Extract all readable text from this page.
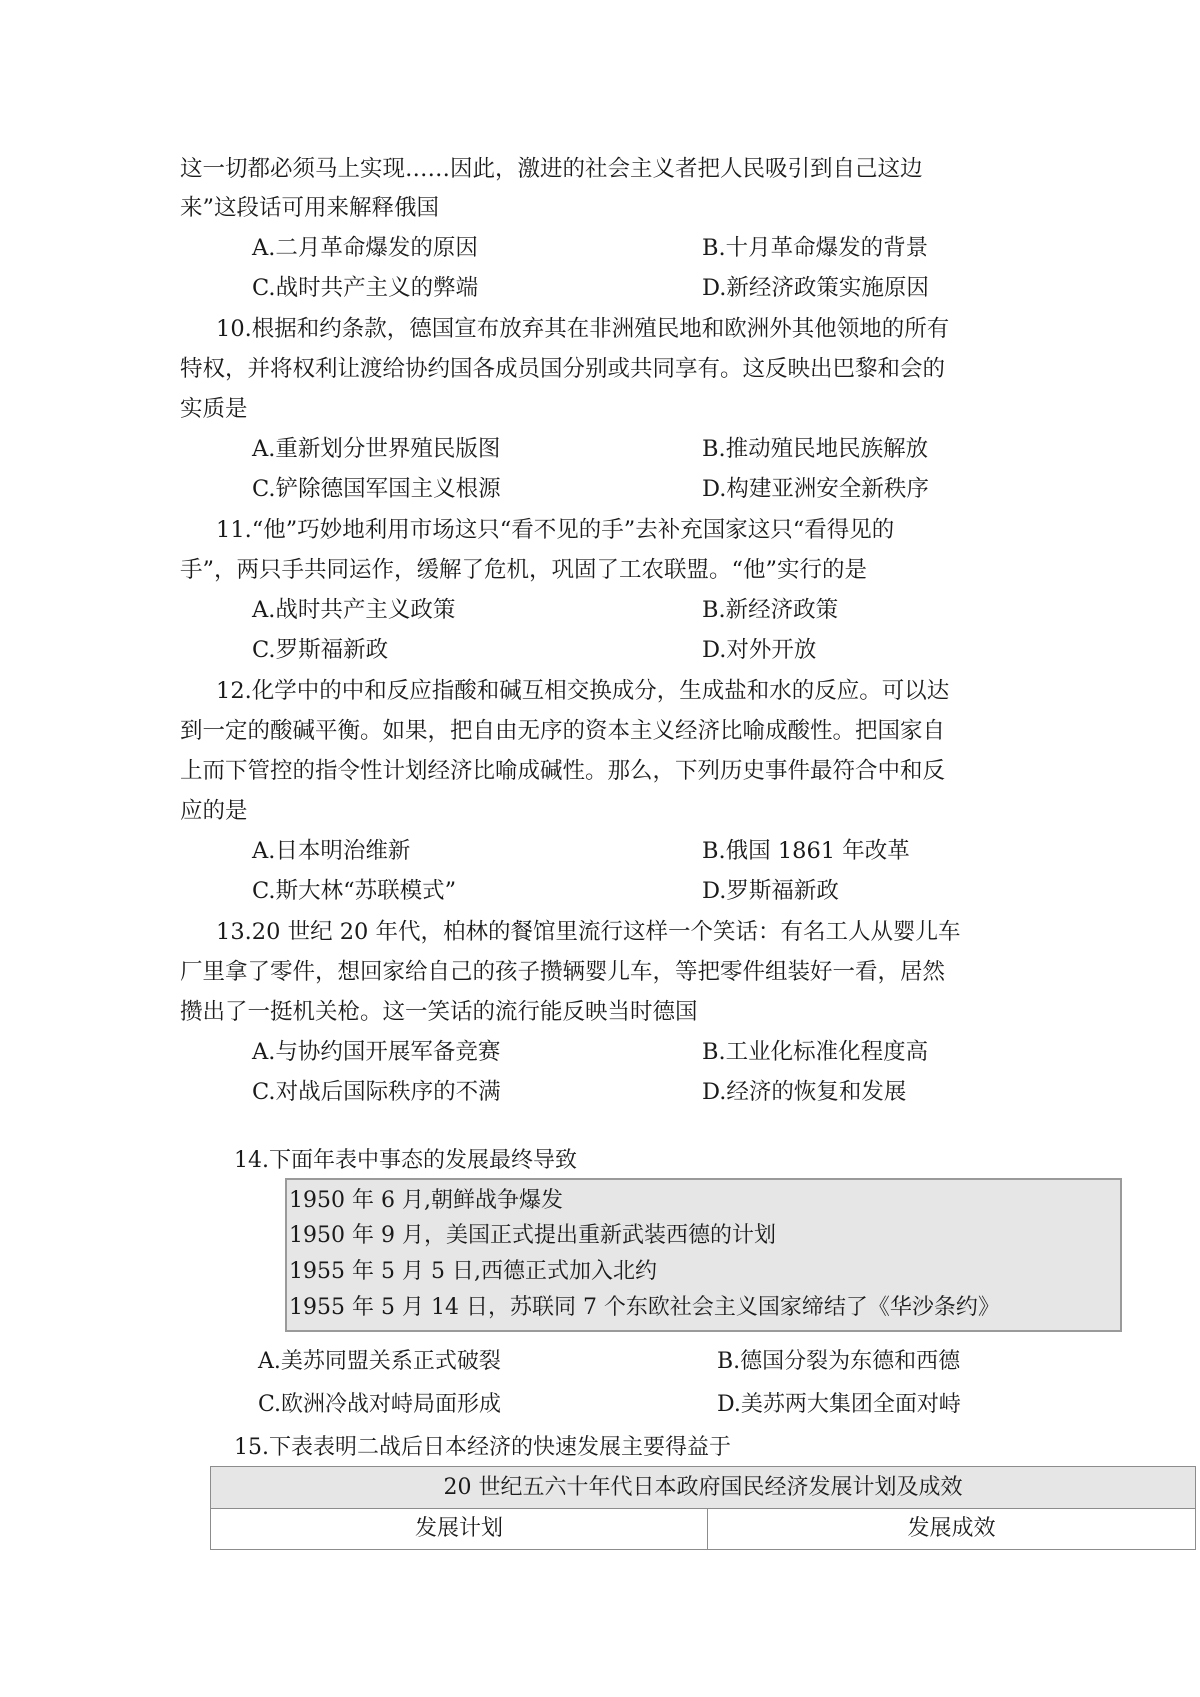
这一切都必须马上实现……因此，激进的社会主义者把人民吸引到自己这边
来”这段话可用来解释俄国
A.二月革命爆发的原因	B.十月革命爆发的背景
C.战时共产主义的弊端	D.新经济政策实施原因
10.根据和约条款，德国宣布放弃其在非洲殖民地和欧洲外其他领地的所有
特权，并将权利让渡给协约国各成员国分别或共同享有。这反映出巴黎和会的
实质是
A.重新划分世界殖民版图	B.推动殖民地民族解放
C.铲除德国军国主义根源	D.构建亚洲安全新秩序
11.“他”巧妙地利用市场这只“看不见的手”去补充国家这只“看得见的
手”，两只手共同运作，缓解了危机，巩固了工农联盟。“他”实行的是
A.战时共产主义政策	B.新经济政策
C.罗斯福新政	D.对外开放
12.化学中的中和反应指酸和碱互相交换成分，生成盐和水的反应。可以达
到一定的酸碱平衡。如果，把自由无序的资本主义经济比喻成酸性。把国家自
上而下管控的指令性计划经济比喻成碱性。那么，下列历史事件最符合中和反
应的是
A.日本明治维新	B.俄国 1861 年改革
C.斯大林“苏联模式”	D.罗斯福新政
13.20 世纪 20 年代，柏林的餐馆里流行这样一个笑话：有名工人从婴儿车
厂里拿了零件，想回家给自己的孩子攒辆婴儿车，等把零件组装好一看，居然
攒出了一挺机关枪。这一笑话的流行能反映当时德国
A.与协约国开展军备竞赛	B.工业化标准化程度高
C.对战后国际秩序的不满	D.经济的恢复和发展
14.下面年表中事态的发展最终导致
1950 年 6 月,朝鲜战争爆发
1950 年 9 月，美国正式提出重新武装西德的计划
1955 年 5 月 5 日,西德正式加入北约
1955 年 5 月 14 日，苏联同 7 个东欧社会主义国家缔结了《华沙条约》
A.美苏同盟关系正式破裂	B.德国分裂为东德和西德
C.欧洲冷战对峙局面形成	D.美苏两大集团全面对峙
15.下表表明二战后日本经济的快速发展主要得益于
20 世纪五六十年代日本政府国民经济发展计划及成效
发展计划	发展成效
